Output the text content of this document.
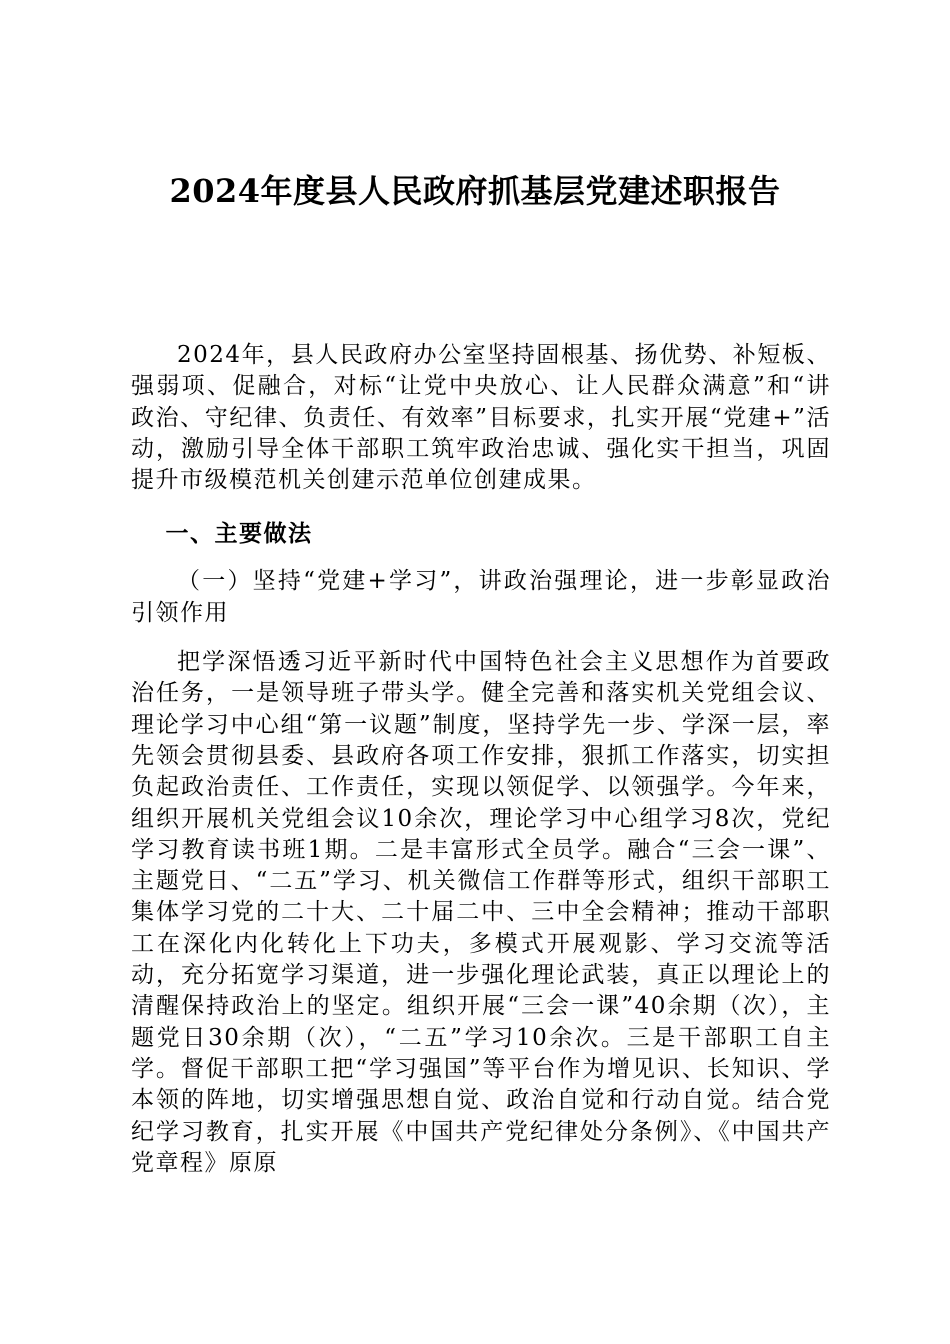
2024年度县人民政府抓基层党建述职报告

2024年，县人民政府办公室坚持固根基、扬优势、补短板、强弱项、促融合，对标“让党中央放心、让人民群众满意”和“讲政治、守纪律、负责任、有效率”目标要求，扎实开展“党建+”活动，激励引导全体干部职工筑牢政治忠诚、强化实干担当，巩固提升市级模范机关创建示范单位创建成果。

一、主要做法

（一）坚持“党建+学习”，讲政治强理论，进一步彰显政治引领作用

把学深悟透习近平新时代中国特色社会主义思想作为首要政治任务，一是领导班子带头学。健全完善和落实机关党组会议、理论学习中心组“第一议题”制度，坚持学先一步、学深一层，率先领会贯彻县委、县政府各项工作安排，狠抓工作落实，切实担负起政治责任、工作责任，实现以领促学、以领强学。今年来，组织开展机关党组会议10余次，理论学习中心组学习8次，党纪学习教育读书班1期。二是丰富形式全员学。融合“三会一课”、主题党日、“二五”学习、机关微信工作群等形式，组织干部职工集体学习党的二十大、二十届二中、三中全会精神；推动干部职工在深化内化转化上下功夫，多模式开展观影、学习交流等活动，充分拓宽学习渠道，进一步强化理论武装，真正以理论上的清醒保持政治上的坚定。组织开展“三会一课”40余期（次），主题党日30余期（次），“二五”学习10余次。三是干部职工自主学。督促干部职工把“学习强国”等平台作为增见识、长知识、学本领的阵地，切实增强思想自觉、政治自觉和行动自觉。结合党纪学习教育，扎实开展《中国共产党纪律处分条例》、《中国共产党章程》原原
